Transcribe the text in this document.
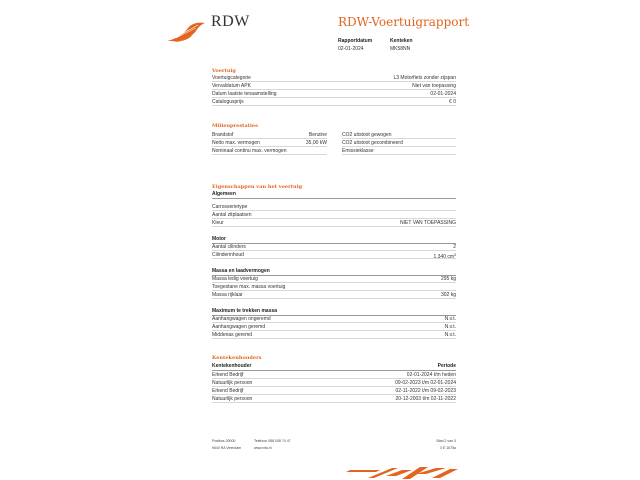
RDW	RDW-Voertuigrapport
Rapportdatum
02-01-2024
Kenteken
MK58NN
Voertuig
Voertuigcategorie	L3 Motorfiets zonder zijspan
Vervaldatum APK	Niet van toepassing
Datum laatste tenaamstelling	02-01-2024
Catalogusprijs	€ 0
Milieuprestaties
Brandstof	Benzine
Netto max. vermogen	35,00 kW
Nominaal continu max. vermogen
CO2 uitstoot gewogen
CO2 uitstoot gecombineerd
Emissieklasse
Eigenschappen van het voertuig
Algemeen
Carrosserietype
Aantal zitplaatsen
Kleur	NIET VAN TOEPASSING
Motor
Aantal cilinders	2
Cilinderinhoud	1.340 $cm^3$
Massa en laadvermogen
Massa ledig voertuig	295 kg
Toegestane max. massa voertuig
Massa rijklaar	302 kg
Maximum te trekken massa
Aanhangwagen ongeremd	N.v.t.
Aanhangwagen geremd	N.v.t.
Middenas geremd	N.v.t.
Kentekenhouders
Kentekenhouder	Periode
Erkend Bedrijf	02-01-2024 t/m heden
Natuurlijk persoon	09-02-2023 t/m 02-01-2024
Erkend Bedrijf	02-11-2022 t/m 09-02-2023
Natuurlijk persoon	20-12-2003 t/m 02-11-2022
Postbus 30000
9640 RA Veendam
Telefoon 088 008 74 47
www.rdw.nl
Blad 2 van 3
3 E 1675a
